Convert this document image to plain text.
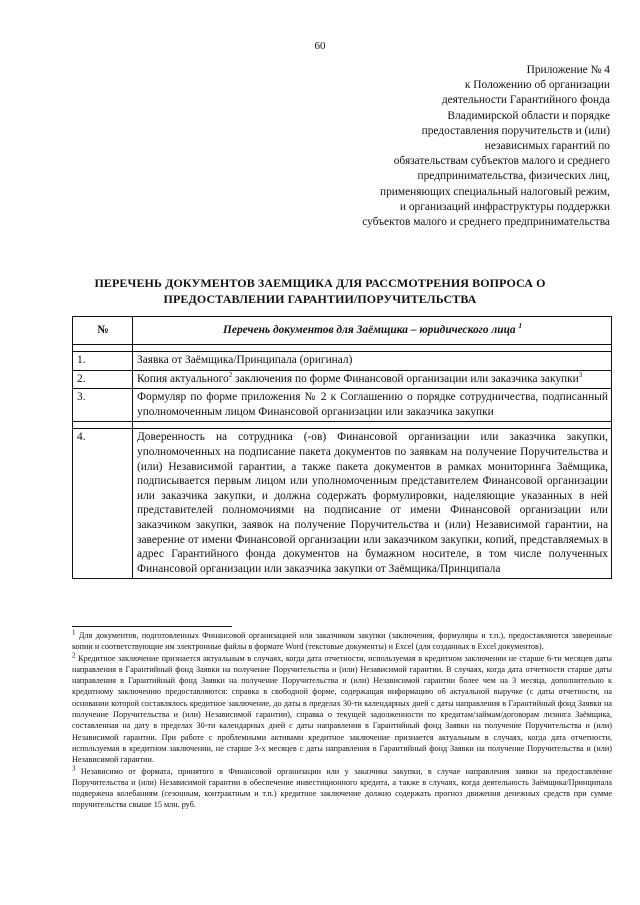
60
Приложение № 4
к Положению об организации
деятельности Гарантийного фонда
Владимирской области и порядке
предоставления поручительств и (или)
независимых гарантий по
обязательствам субъектов малого и среднего
предпринимательства, физических лиц,
применяющих специальный налоговый режим,
и организаций инфраструктуры поддержки
субъектов малого и среднего предпринимательства
ПЕРЕЧЕНЬ ДОКУМЕНТОВ ЗАЕМЩИКА ДЛЯ РАССМОТРЕНИЯ ВОПРОСА О
ПРЕДОСТАВЛЕНИИ ГАРАНТИИ/ПОРУЧИТЕЛЬСТВА
№	Перечень документов для Заёмщика – юридического лица $^1$

1.	Заявка от Заёмщика/Принципала (оригинал)
2.	Копия актуального$^2$ заключения по форме Финансовой организации или заказчика закупки$^3$
3.	Формуляр по форме приложения № 2 к Соглашению о порядке сотрудничества, подписанный уполномоченным лицом Финансовой организации или заказчика закупки

4.	Доверенность на сотрудника (-ов) Финансовой организации или заказчика закупки, уполномоченных на подписание пакета документов по заявкам на получение Поручительства и (или) Независимой гарантии, а также пакета документов в рамках мониторинга Заёмщика, подписывается первым лицом или уполномоченным представителем Финансовой организации или заказчика закупки, и должна содержать формулировки, наделяющие указанных в ней представителей полномочиями на подписание от имени Финансовой организации или заказчиком закупки, заявок на получение Поручительства и (или) Независимой гарантии, на заверение от имени Финансовой организации или заказчиком закупки, копий, представляемых в адрес Гарантийного фонда документов на бумажном носителе, в том числе полученных Финансовой организации или заказчика закупки от Заёмщика/Принципала

$^1$ Для документов, подготовленных Финансовой организацией или заказчиком закупки (заключения, формуляры и т.п.), предоставляются заверенные копии и соответствующие им электронные файлы в формате Word (текстовые документы) и Excel (для созданных в Excel документов).

$^2$ Кредитное заключение признается актуальным в случаях, когда дата отчетности, используемая в кредитном заключении не старше 6-ти месяцев даты направления в Гарантийный фонд Заявки на получение Поручительства и (или) Независимой гарантии. В случаях, когда дата отчетности старше даты направления в Гарантийный фонд Заявки на получение Поручительства и (или) Независимой гарантии более чем на 3 месяца, дополнительно к кредитному заключению предоставляются: справка в свободной форме, содержащая информацию об актуальной выручке (с даты отчетности, на основании которой составлялось кредитное заключение, до даты в пределах 30-ти календарных дней с даты направления в Гарантийный фонд Заявки на получение Поручительства и (или) Независимой гарантии), справка о текущей задолженности по кредитам/займам/договорам лизинга Заёмщика, составленная на дату в пределах 30-ти календарных дней с даты направления в Гарантийный фонд Заявки на получение Поручительства и (или) Независимой гарантии. При работе с проблемными активами кредитное заключение признается актуальным в случаях, когда дата отчетности, используемая в кредитном заключении, не старше 3-х месяцев с даты направления в Гарантийный фонд Заявки на получение Поручительства и (или) Независимой гарантии.

$^3$ Независимо от формата, принятого в Финансовой организации или у заказчика закупки, в случае направления заявки на предоставление Поручительства и (или) Независимой гарантии в обеспечение инвестиционного кредита, а также в случаях, когда деятельность Заёмщика/Принципала подвержена колебаниям (сезонным, контрактным и т.п.) кредитное заключение должно содержать прогноз движения денежных средств при сумме поручительства свыше 15 млн. руб.
